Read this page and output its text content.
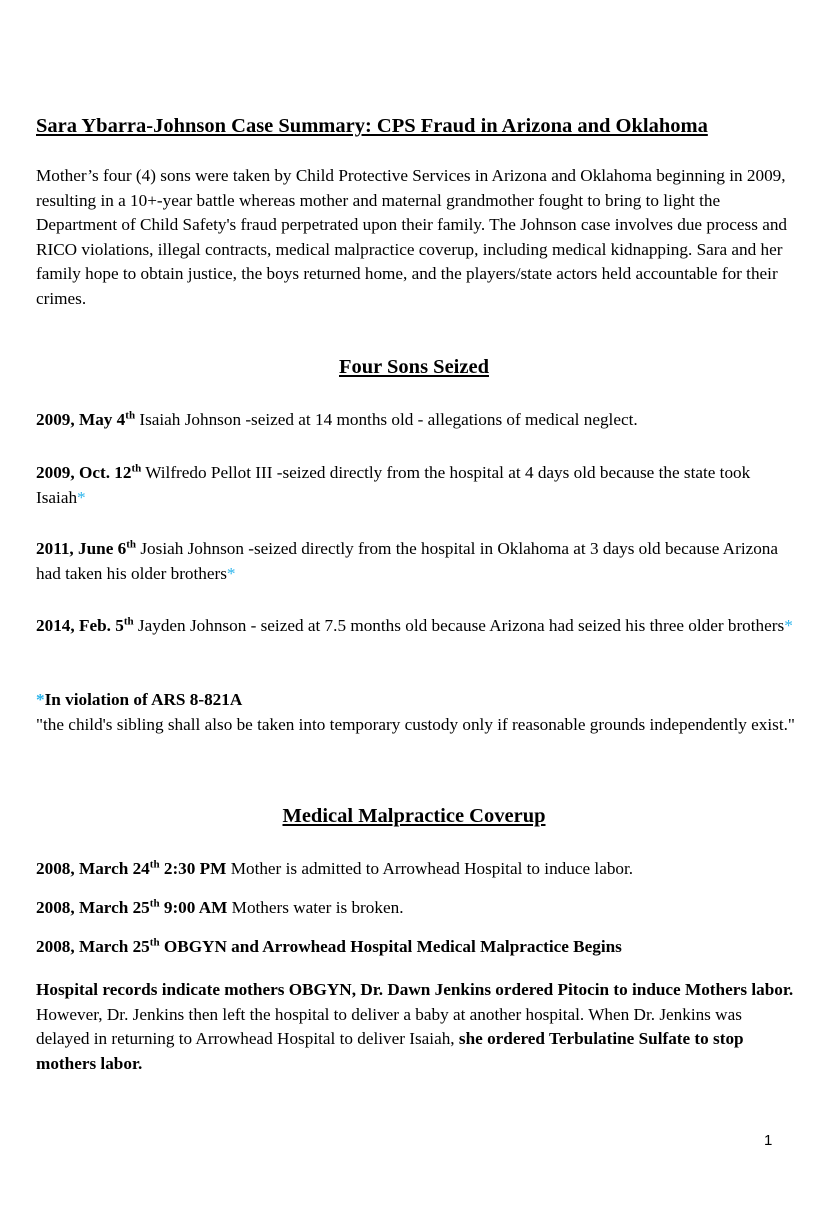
Sara Ybarra-Johnson Case Summary: CPS Fraud in Arizona and Oklahoma
Mother’s four (4) sons were taken by Child Protective Services in Arizona and Oklahoma beginning in 2009, resulting in a 10+-year battle whereas mother and maternal grandmother fought to bring to light the Department of Child Safety's fraud perpetrated upon their family. The Johnson case involves due process and RICO violations, illegal contracts, medical malpractice coverup, including medical kidnapping. Sara and her family hope to obtain justice, the boys returned home, and the players/state actors held accountable for their crimes.
Four Sons Seized
2009, May 4th Isaiah Johnson -seized at 14 months old - allegations of medical neglect.
2009, Oct. 12th Wilfredo Pellot III -seized directly from the hospital at 4 days old because the state took Isaiah*
2011, June 6th Josiah Johnson -seized directly from the hospital in Oklahoma at 3 days old because Arizona had taken his older brothers*
2014, Feb. 5th Jayden Johnson - seized at 7.5 months old because Arizona had seized his three older brothers*
*In violation of ARS 8-821A
"the child's sibling shall also be taken into temporary custody only if reasonable grounds independently exist."
Medical Malpractice Coverup
2008, March 24th 2:30 PM Mother is admitted to Arrowhead Hospital to induce labor.
2008, March 25th 9:00 AM Mothers water is broken.
2008, March 25th OBGYN and Arrowhead Hospital Medical Malpractice Begins
Hospital records indicate mothers OBGYN, Dr. Dawn Jenkins ordered Pitocin to induce Mothers labor.  However, Dr. Jenkins then left the hospital to deliver a baby at another hospital. When Dr. Jenkins was delayed in returning to Arrowhead Hospital to deliver Isaiah, she ordered Terbulatine Sulfate to stop mothers labor.
1
